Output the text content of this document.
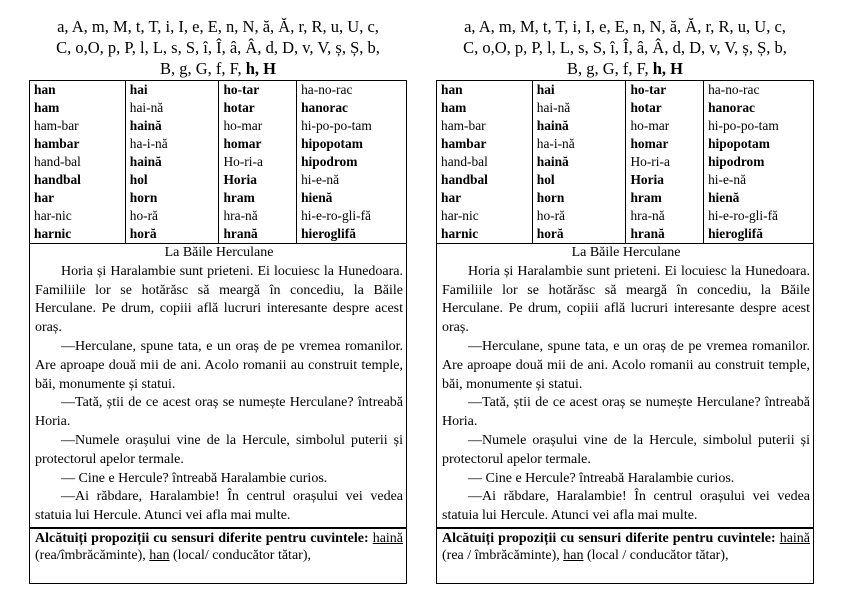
a, A, m, M, t, T, i, I, e, E, n, N, ă, Ă, r, R, u, U, c,
C, o,O, p, P, l, L, s, S, î, Î, â, Â, d, D, v, V, ș, Ș, b,
B, g, G, f, F, h, H
han	hai	ho-tar	ha-no-rac
ham	hai-nă	hotar	hanorac
ham-bar	haină	ho-mar	hi-po-po-tam
hambar	ha-i-nă	homar	hipopotam
hand-bal	haină	Ho-ri-a	hipodrom
handbal	hol	Horia	hi-e-nă
har	horn	hram	hienă
har-nic	ho-ră	hra-nă	hi-e-ro-gli-fă
harnic	horă	hrană	hieroglifă
La Băile Herculane

Horia și Haralambie sunt prieteni. Ei locuiesc la Hunedoara. Familiile lor se hotărăsc să meargă în concediu, la Băile Herculane. Pe drum, copiii află lucruri interesante despre acest oraș.

—Herculane, spune tata, e un oraș de pe vremea romanilor. Are aproape două mii de ani. Acolo romanii au construit temple, băi, monumente și statui.

—Tată, știi de ce acest oraș se numește Herculane? întreabă Horia.

—Numele orașului vine de la Hercule, simbolul puterii și protectorul apelor termale.

— Cine e Hercule? întreabă Haralambie curios.

—Ai răbdare, Haralambie! În centrul orașului vei vedea statuia lui Hercule. Atunci vei afla mai multe.

Alcătuiți propoziții cu sensuri diferite pentru cuvintele: haină (rea/îmbrăcăminte), han (local/ conducător tătar),
a, A, m, M, t, T, i, I, e, E, n, N, ă, Ă, r, R, u, U, c,
C, o,O, p, P, l, L, s, S, î, Î, â, Â, d, D, v, V, ș, Ș, b,
B, g, G, f, F, h, H
han	hai	ho-tar	ha-no-rac
ham	hai-nă	hotar	hanorac
ham-bar	haină	ho-mar	hi-po-po-tam
hambar	ha-i-nă	homar	hipopotam
hand-bal	haină	Ho-ri-a	hipodrom
handbal	hol	Horia	hi-e-nă
har	horn	hram	hienă
har-nic	ho-ră	hra-nă	hi-e-ro-gli-fă
harnic	horă	hrană	hieroglifă
La Băile Herculane

Horia și Haralambie sunt prieteni. Ei locuiesc la Hunedoara. Familiile lor se hotărăsc să meargă în concediu, la Băile Herculane. Pe drum, copiii află lucruri interesante despre acest oraș.

—Herculane, spune tata, e un oraș de pe vremea romanilor. Are aproape două mii de ani. Acolo romanii au construit temple, băi, monumente și statui.

—Tată, știi de ce acest oraș se numește Herculane? întreabă Horia.

—Numele orașului vine de la Hercule, simbolul puterii și protectorul apelor termale.

— Cine e Hercule? întreabă Haralambie curios.

—Ai răbdare, Haralambie! În centrul orașului vei vedea statuia lui Hercule. Atunci vei afla mai multe.

Alcătuiți propoziții cu sensuri diferite pentru cuvintele: haină (rea / îmbrăcăminte), han (local / conducător tătar),
